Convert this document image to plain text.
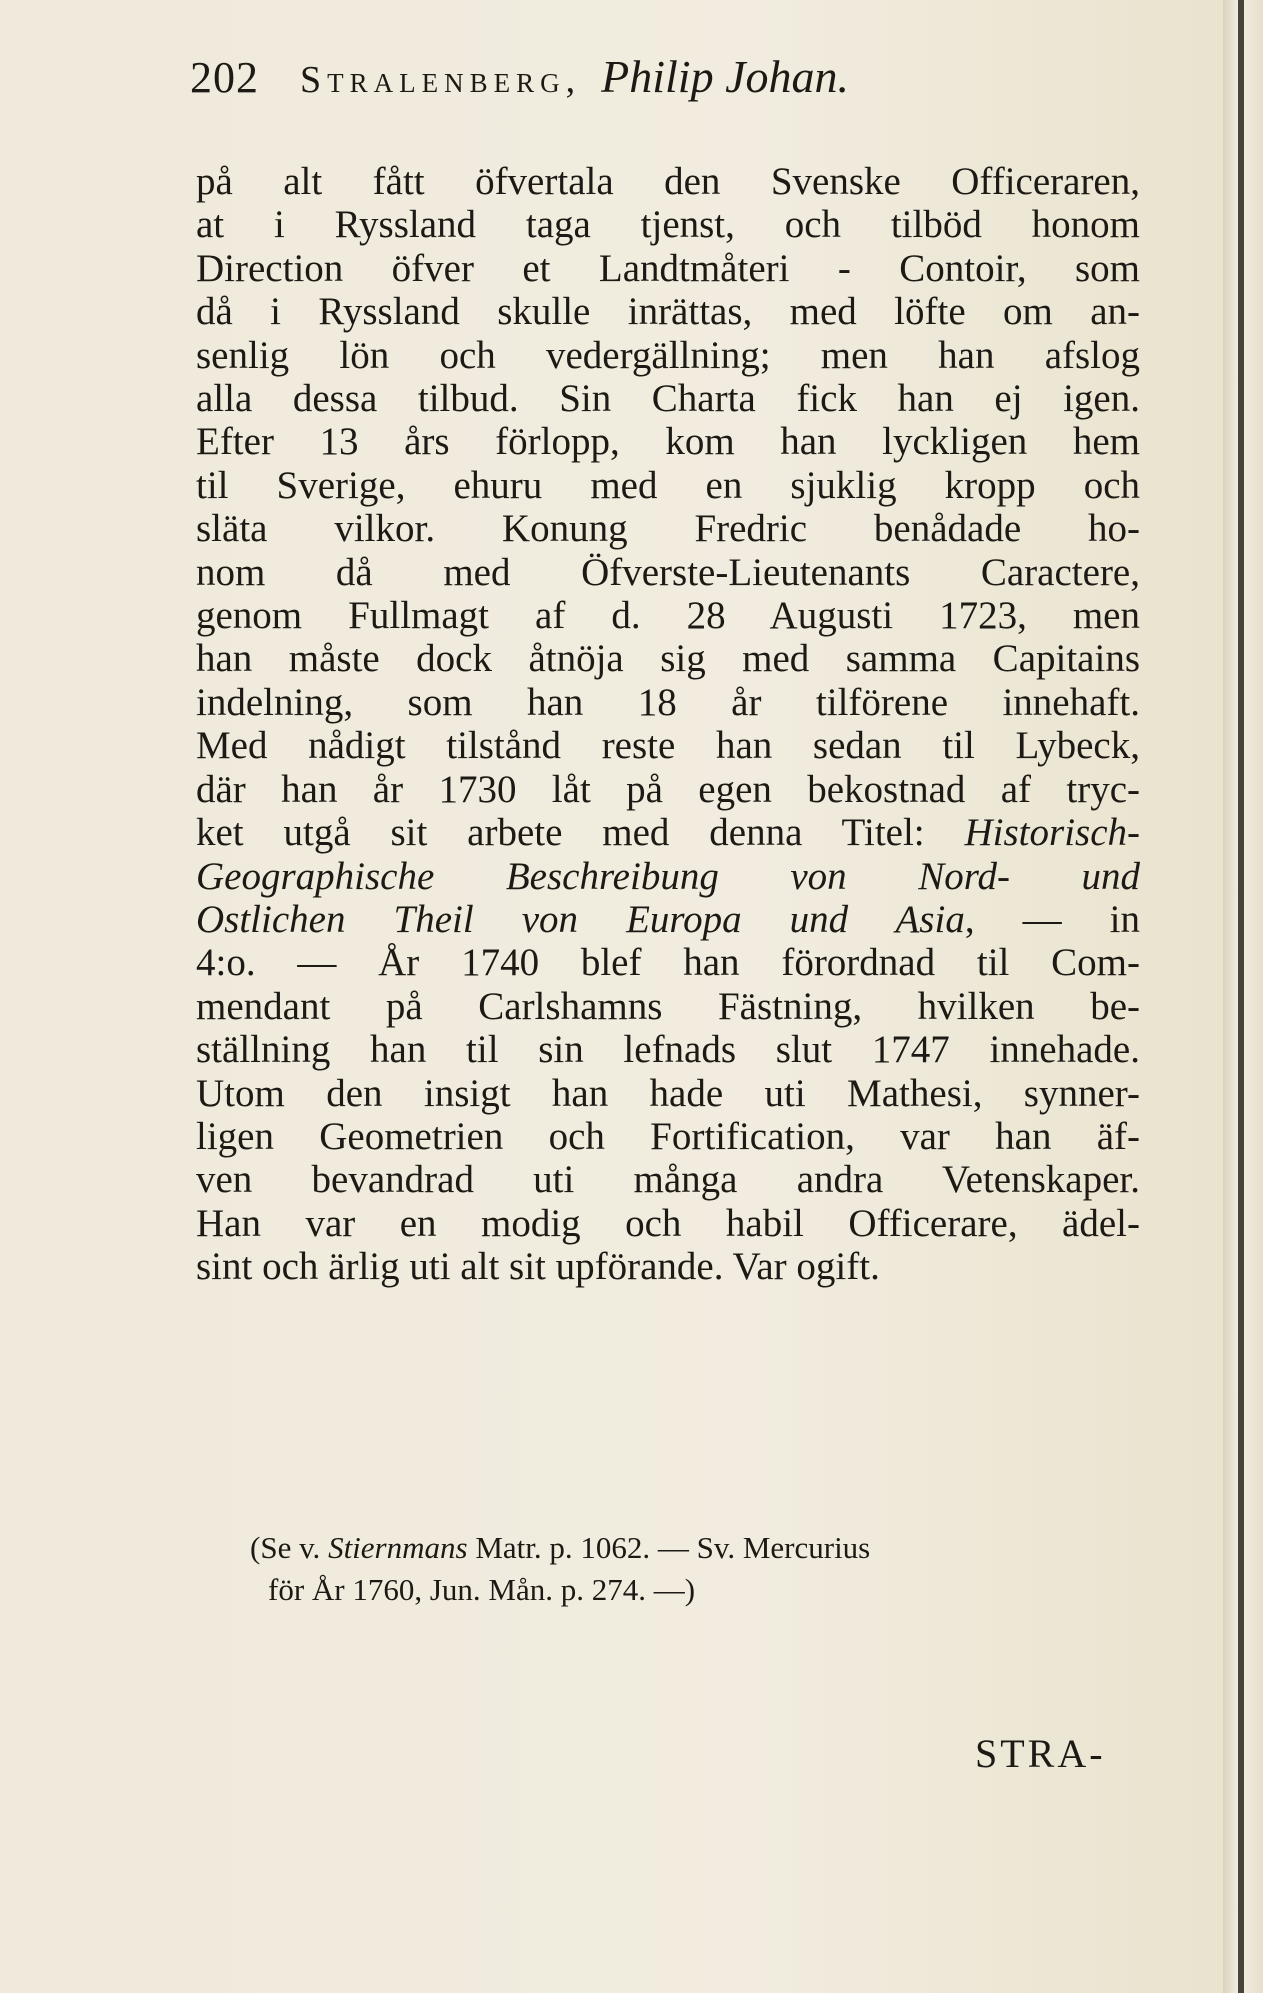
202	Stralenberg, Philip Johan.
på alt fått öfvertala den Svenske Officeraren,
at i Ryssland taga tjenst, och tilböd honom
Direction öfver et Landtmåteri - Contoir, som
då i Ryssland skulle inrättas, med löfte om an-
senlig lön och vedergällning; men han afslog
alla dessa tilbud. Sin Charta fick han ej igen.
Efter 13 års förlopp, kom han lyckligen hem
til Sverige, ehuru med en sjuklig kropp och
släta vilkor. Konung Fredric benådade ho-
nom då med Öfverste-Lieutenants Caractere,
genom Fullmagt af d. 28 Augusti 1723, men
han måste dock åtnöja sig med samma Capitains
indelning, som han 18 år tilförene innehaft.
Med nådigt tilstånd reste han sedan til Lybeck,
där han år 1730 låt på egen bekostnad af tryc-
ket utgå sit arbete med denna Titel: Historisch-
Geographische Beschreibung von Nord- und
Ostlichen Theil von Europa und Asia, — in
4:o. — År 1740 blef han förordnad til Com-
mendant på Carlshamns Fästning, hvilken be-
ställning han til sin lefnads slut 1747 innehade.
Utom den insigt han hade uti Mathesi, synner-
ligen Geometrien och Fortification, var han äf-
ven bevandrad uti många andra Vetenskaper.
Han var en modig och habil Officerare, ädel-
sint och ärlig uti alt sit upförande. Var ogift.
(Se v. Stiernmans Matr. p. 1062. — Sv. Mercurius
för År 1760, Jun. Mån. p. 274. —)
STRA-
